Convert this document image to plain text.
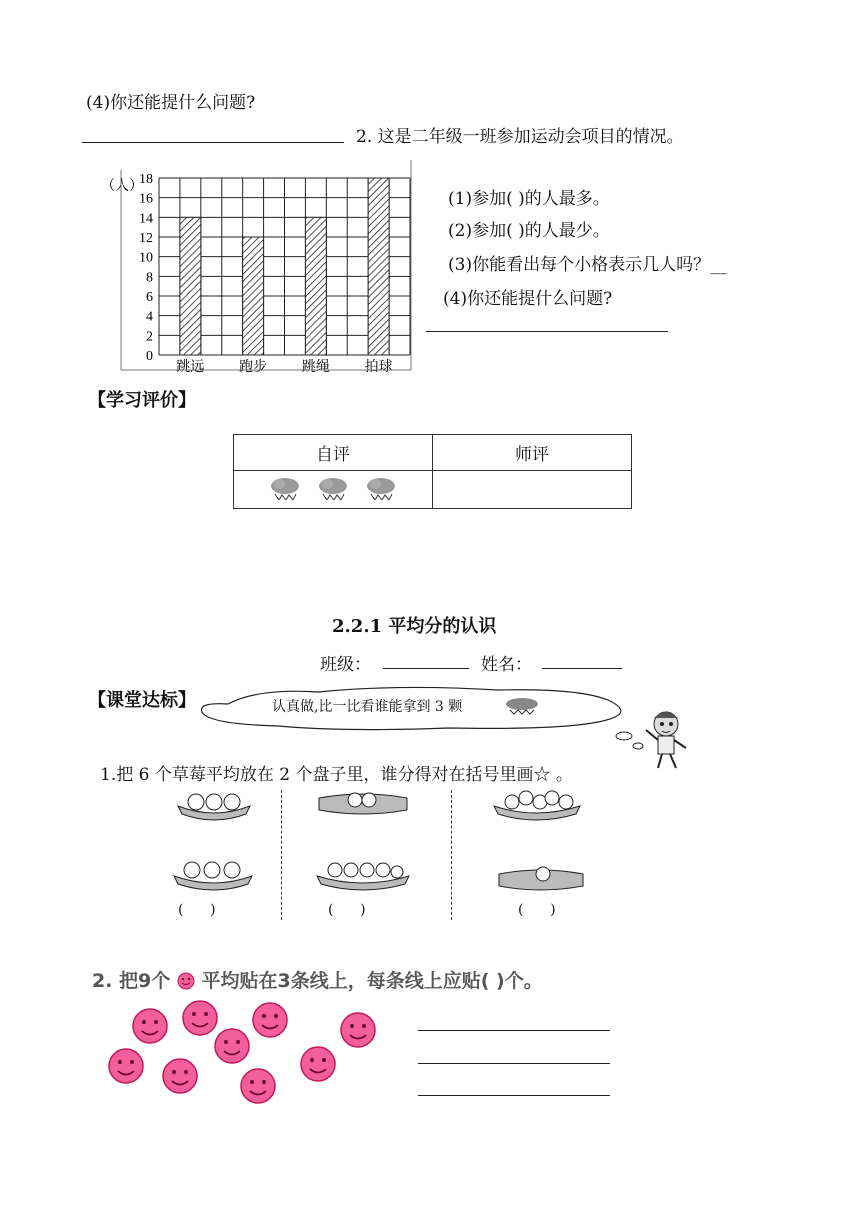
(4)你还能提什么问题?
2. 这是二年级一班参加运动会项目的情况。
0
2
4
6
8
10
12
14
16
18
跳远 跑步 跳绳 拍球
（人）
(1)参加( )的人最多。
(2)参加( )的人最少。
(3)你能看出每个小格表示几人吗？__
(4)你还能提什么问题?
【学习评价】
自评	师评

2.2.1 平均分的认识
班级：	姓名：
【课堂达标】	认真做,比一比看谁能拿到 3 颗
1.把 6 个草莓平均放在 2 个盘子里，谁分得对在括号里画☆ 。
(      )	(      )	(      )
2. 把9个 平均贴在3条线上，每条线上应贴( )个。
